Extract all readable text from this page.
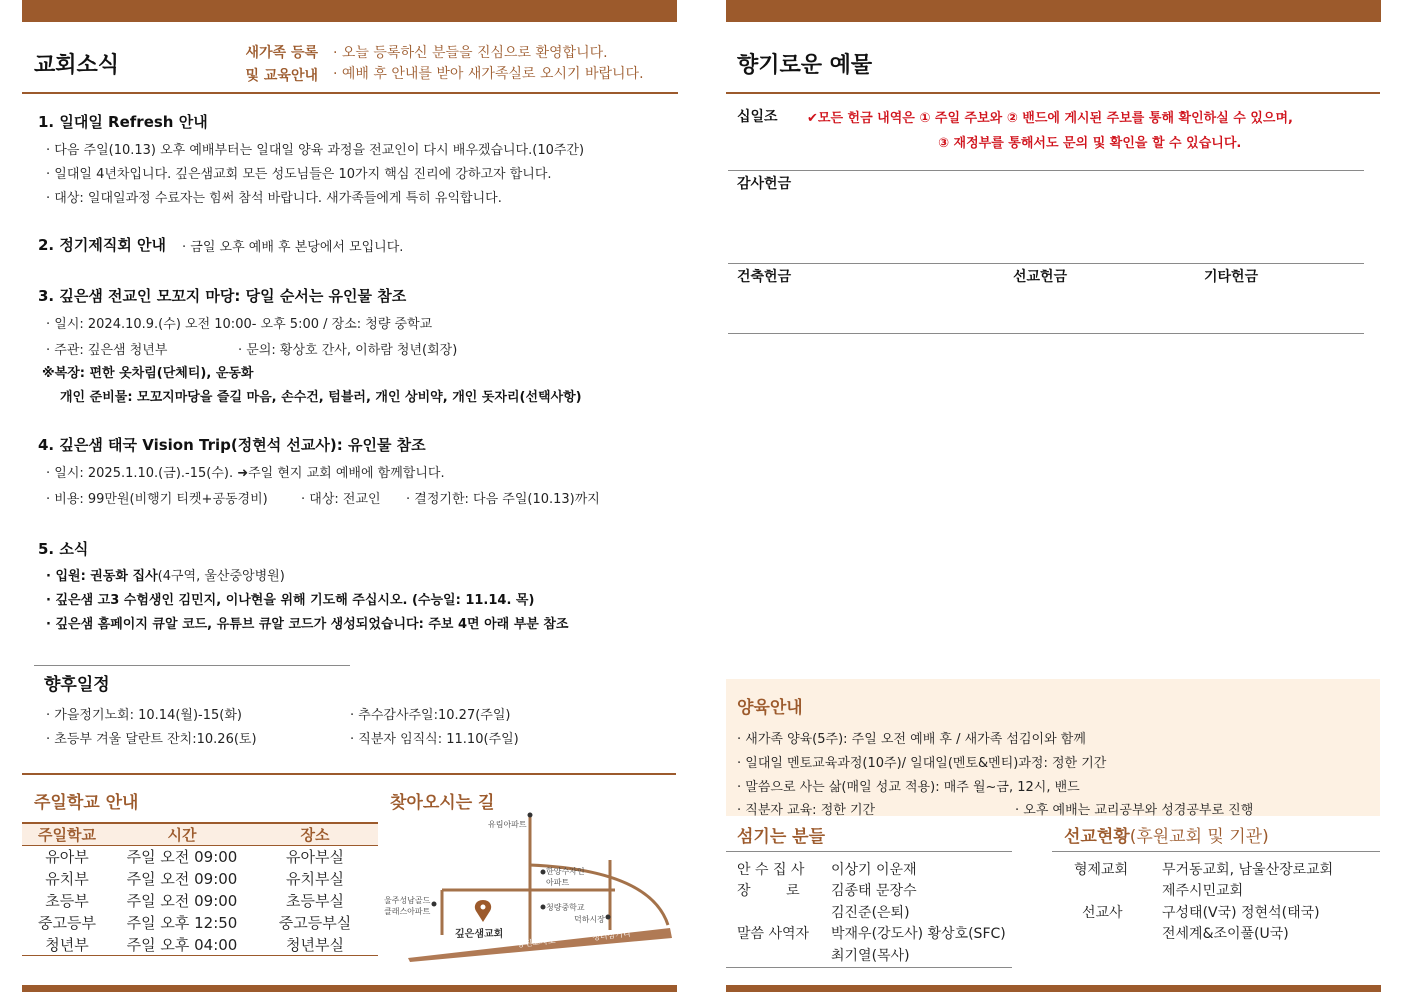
교회소식	새가족 등록
및 교육안내
· 오늘 등록하신 분들을 진심으로 환영합니다.
· 예배 후 안내를 받아 새가족실로 오시기 바랍니다.
1. 일대일 Refresh 안내
· 다음 주일(10.13) 오후 예배부터는 일대일 양육 과정을 전교인이 다시 배우겠습니다.(10주간)
· 일대일 4년차입니다. 깊은샘교회 모든 성도님들은 10가지 핵심 진리에 강하고자 합니다.
· 대상: 일대일과정 수료자는 힘써 참석 바랍니다. 새가족들에게 특히 유익합니다.
2. 정기제직회 안내 · 금일 오후 예배 후 본당에서 모입니다.
3. 깊은샘 전교인 모꼬지 마당: 당일 순서는 유인물 참조
· 일시: 2024.10.9.(수) 오전 10:00- 오후 5:00 / 장소: 청량 중학교
· 주관: 깊은샘 청년부	· 문의: 황상호 간사, 이하람 청년(회장)
※복장: 편한 옷차림(단체티), 운동화
개인 준비물: 모꼬지마당을 즐길 마음, 손수건, 텀블러, 개인 상비약, 개인 돗자리(선택사항)
4. 깊은샘 태국 Vision Trip(정현석 선교사): 유인물 참조
· 일시: 2025.1.10.(금).-15(수). ➜주일 현지 교회 예배에 함께합니다.
· 비용: 99만원(비행기 티켓+공동경비)	· 대상: 전교인 · 결정기한: 다음 주일(10.13)까지
5. 소식
· 입원: 권동화 집사(4구역, 울산중앙병원)
· 깊은샘 고3 수험생인 김민지, 이나현을 위해 기도해 주십시오. (수능일: 11.14. 목)
· 깊은샘 홈페이지 큐알 코드, 유튜브 큐알 코드가 생성되었습니다: 주보 4면 아래 부분 참조
향후일정
· 가을정기노회: 10.14(월)-15(화)	· 추수감사주일:10.27(주일)
· 초등부 겨울 달란트 잔치:10.26(토)	· 직분자 임직식: 11.10(주일)
주일학교 안내
주일학교	시간	장소
유아부	주일 오전 09:00	유아부실
유치부	주일 오전 09:00	유치부실
초등부	주일 오전 09:00	초등부실
중고등부	주일 오후 12:50	중고등부실
청년부	주일 오후 04:00	청년부실
찾아오시는 길
유림아파트
한양수자인
아파트
울주성남골드
클래스아파트	청량중학교
덕하시장
깊은샘교회
웅진교차로
청터삼거리
향기로운 예물
십일조 ✔모든 헌금 내역은 ① 주일 주보와 ② 밴드에 게시된 주보를 통해 확인하실 수 있으며,
③ 재정부를 통해서도 문의 및 확인을 할 수 있습니다.
감사헌금
건축헌금	선교헌금	기타헌금
양육안내
· 새가족 양육(5주): 주일 오전 예배 후 / 새가족 섬김이와 함께
· 일대일 멘토교육과정(10주)/ 일대일(멘토&멘티)과정: 정한 기간
· 말씀으로 사는 삶(매일 성교 적용): 매주 월~금, 12시, 밴드
· 직분자 교육: 정한 기간	· 오후 예배는 교리공부와 성경공부로 진행
섬기는 분들
안 수 집 사 이상기 이운재
장        로 김종태 문장수
김진준(은퇴)
말씀 사역자 박재우(강도사) 황상호(SFC)
최기열(목사)
선교현황(후원교회 및 기관)
형제교회 무거동교회, 남울산장로교회
제주시민교회
선교사	구성태(V국) 정현석(태국)
전세계&조이풀(U국)
